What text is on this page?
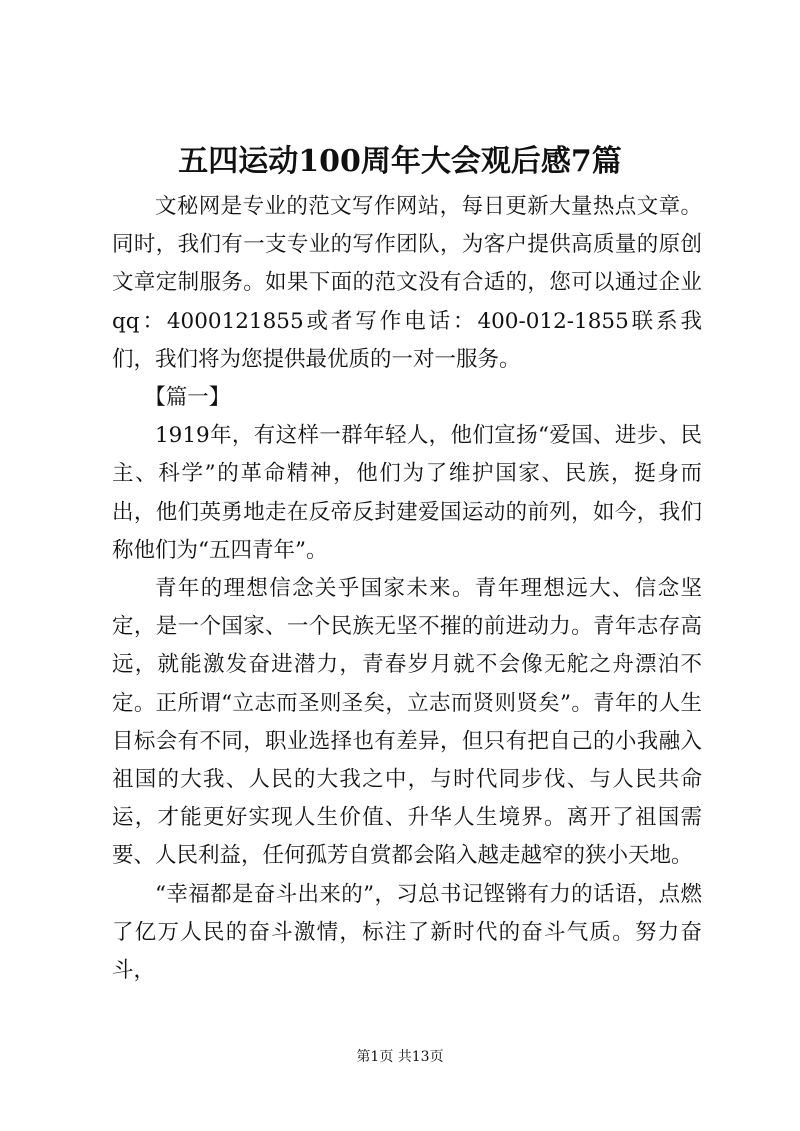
五四运动100周年大会观后感7篇

文秘网是专业的范文写作网站，每日更新大量热点文章。同时，我们有一支专业的写作团队，为客户提供高质量的原创文章定制服务。如果下面的范文没有合适的，您可以通过企业qq：4000121855或者写作电话：400-012-1855联系我们，我们将为您提供最优质的一对一服务。

【篇一】

1919年，有这样一群年轻人，他们宣扬“爱国、进步、民主、科学”的革命精神，他们为了维护国家、民族，挺身而出，他们英勇地走在反帝反封建爱国运动的前列，如今，我们称他们为“五四青年”。

青年的理想信念关乎国家未来。青年理想远大、信念坚定，是一个国家、一个民族无坚不摧的前进动力。青年志存高远，就能激发奋进潜力，青春岁月就不会像无舵之舟漂泊不定。正所谓“立志而圣则圣矣，立志而贤则贤矣”。青年的人生目标会有不同，职业选择也有差异，但只有把自己的小我融入祖国的大我、人民的大我之中，与时代同步伐、与人民共命运，才能更好实现人生价值、升华人生境界。离开了祖国需要、人民利益，任何孤芳自赏都会陷入越走越窄的狭小天地。

“幸福都是奋斗出来的”，习总书记铿锵有力的话语，点燃了亿万人民的奋斗激情，标注了新时代的奋斗气质。努力奋斗，

第1页 共13页
